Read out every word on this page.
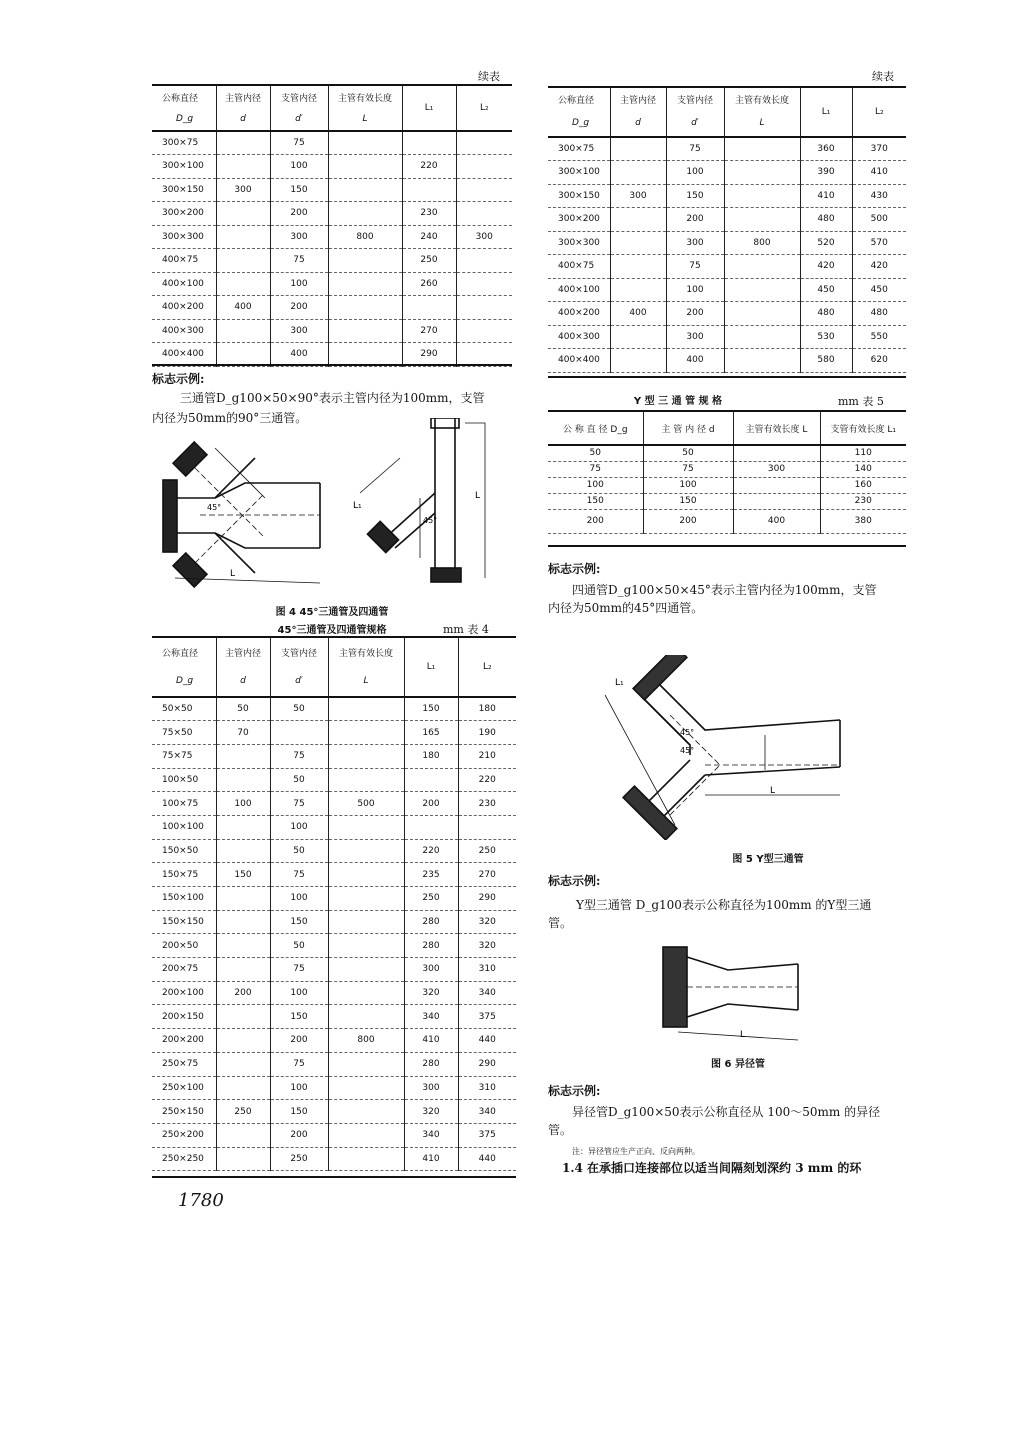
续表
公称直径	主管内径	支管内径	主管有效长度	L₁	L₂
D_g	d	d′	L		
300×75		75			
300×100		100		220	
300×150	300	150			
300×200		200		230	
300×300		300	800	240	300
400×75		75		250	
400×100		100		260	
400×200	400	200			
400×300		300		270	
400×400		400		290	
标志示例:
三通管D_g100×50×90°表示主管内径为100mm，支管
内径为50mm的90°三通管。
L₁
L
L
45°
45°
图 4 45°三通管及四通管
45°三通管及四通管规格	mm 表 4
公称直径	主管内径	支管内径	主管有效长度	L₁	L₂
D_g	d	d′	L		
50×50	50	50		150	180
75×50	70			165	190
75×75		75		180	210
100×50		50			220
100×75	100	75	500	200	230
100×100		100			
150×50		50		220	250
150×75	150	75		235	270
150×100		100		250	290
150×150		150		280	320
200×50		50		280	320
200×75		75		300	310
200×100	200	100		320	340
200×150		150		340	375
200×200		200	800	410	440
250×75		75		280	290
250×100		100		300	310
250×150	250	150		320	340
250×200		200		340	375
250×250		250		410	440
1780
续表
公称直径	主管内径	支管内径	主管有效长度	L₁	L₂
D_g	d	d′	L		
300×75		75		360	370
300×100		100		390	410
300×150	300	150		410	430
300×200		200		480	500
300×300		300	800	520	570
400×75		75		420	420
400×100		100		450	450
400×200	400	200		480	480
400×300		300		530	550
400×400		400		580	620
Y 型 三 通 管 规 格	mm 表 5
公 称 直 径 D_g	主 管 内 径 d	主管有效长度 L	支管有效长度 L₁
50	50		110
75	75	300	140
100	100		160
150	150		230
200	200	400	380
标志示例:
四通管D_g100×50×45°表示主管内径为100mm，支管
内径为50mm的45°四通管。
L₁
L
45°
45°
图 5 Y型三通管
标志示例:
Y型三通管 D_g100表示公称直径为100mm 的Y型三通
管。
L
图 6 异径管
标志示例:
异径管D_g100×50表示公称直径从 100～50mm 的异径
管。
注：异径管应生产正向、反向两种。
1.4 在承插口连接部位以适当间隔刻划深约 3 mm 的环
